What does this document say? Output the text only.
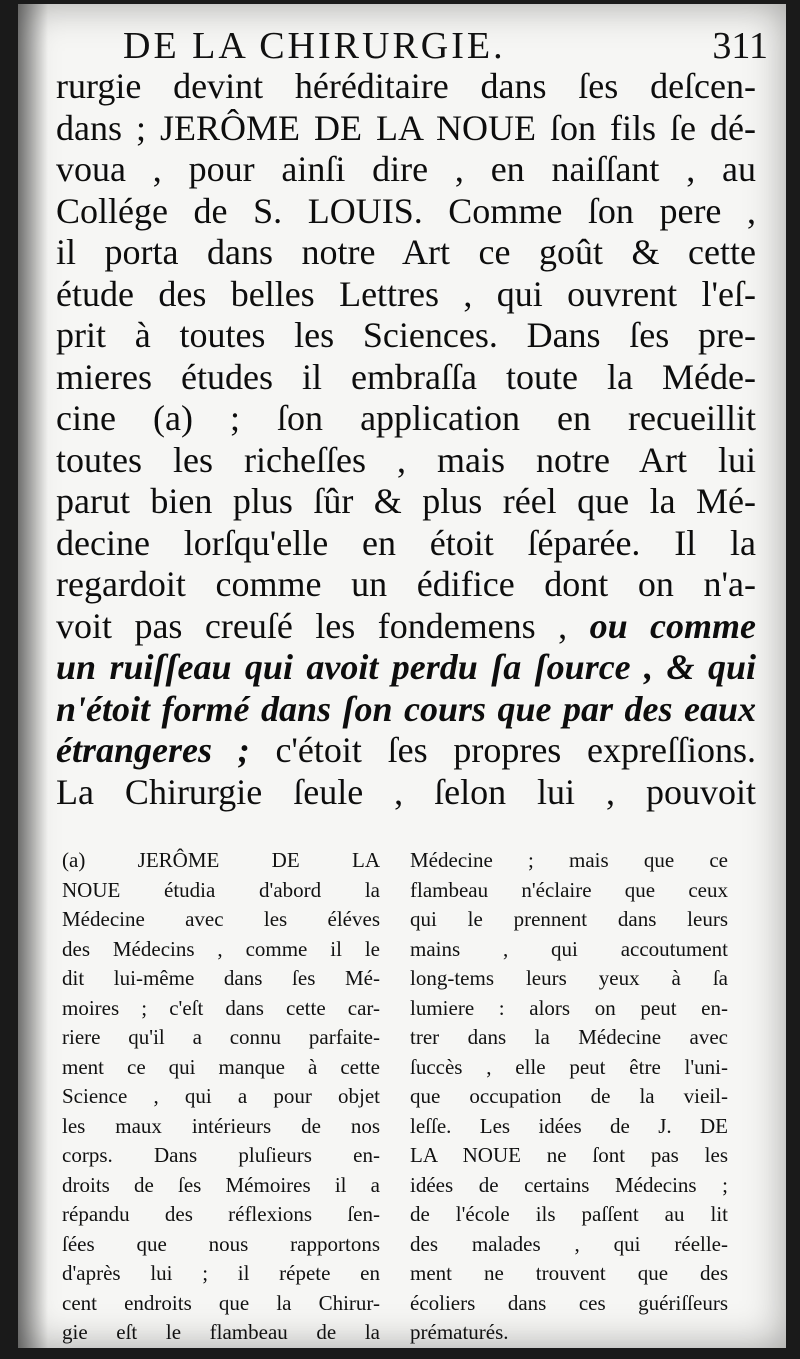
DE LA CHIRURGIE.	311
rurgie devint héréditaire dans ſes deſcen-
dans ; JERÔME DE LA NOUE ſon fils ſe dé-
voua , pour ainſi dire , en naiſſant , au
Collége de S. LOUIS. Comme ſon pere ,
il porta dans notre Art ce goût & cette
étude des belles Lettres , qui ouvrent l'eſ-
prit à toutes les Sciences. Dans ſes pre-
mieres études il embraſſa toute la Méde-
cine (a) ; ſon application en recueillit
toutes les richeſſes , mais notre Art lui
parut bien plus ſûr & plus réel que la Mé-
decine lorſqu'elle en étoit ſéparée. Il la
regardoit comme un édifice dont on n'a-
voit pas creuſé les fondemens , ou comme
un ruiſſeau qui avoit perdu ſa ſource , & qui
n'étoit formé dans ſon cours que par des eaux
étrangeres ; c'étoit ſes propres expreſſions.
La Chirurgie ſeule , ſelon lui , pouvoit
(a) JERÔME DE LA
NOUE étudia d'abord la
Médecine avec les éléves
des Médecins , comme il le
dit lui-même dans ſes Mé-
moires ; c'eſt dans cette car-
riere qu'il a connu parfaite-
ment ce qui manque à cette
Science , qui a pour objet
les maux intérieurs de nos
corps. Dans pluſieurs en-
droits de ſes Mémoires il a
répandu des réflexions ſen-
ſées que nous rapportons
d'après lui ; il répete en
cent endroits que la Chirur-
gie eſt le flambeau de la
Médecine ; mais que ce
flambeau n'éclaire que ceux
qui le prennent dans leurs
mains , qui accoutument
long-tems leurs yeux à ſa
lumiere : alors on peut en-
trer dans la Médecine avec
ſuccès , elle peut être l'uni-
que occupation de la vieil-
leſſe. Les idées de J. DE
LA NOUE ne ſont pas les
idées de certains Médecins ;
de l'école ils paſſent au lit
des malades , qui réelle-
ment ne trouvent que des
écoliers dans ces guériſſeurs
prématurés.
